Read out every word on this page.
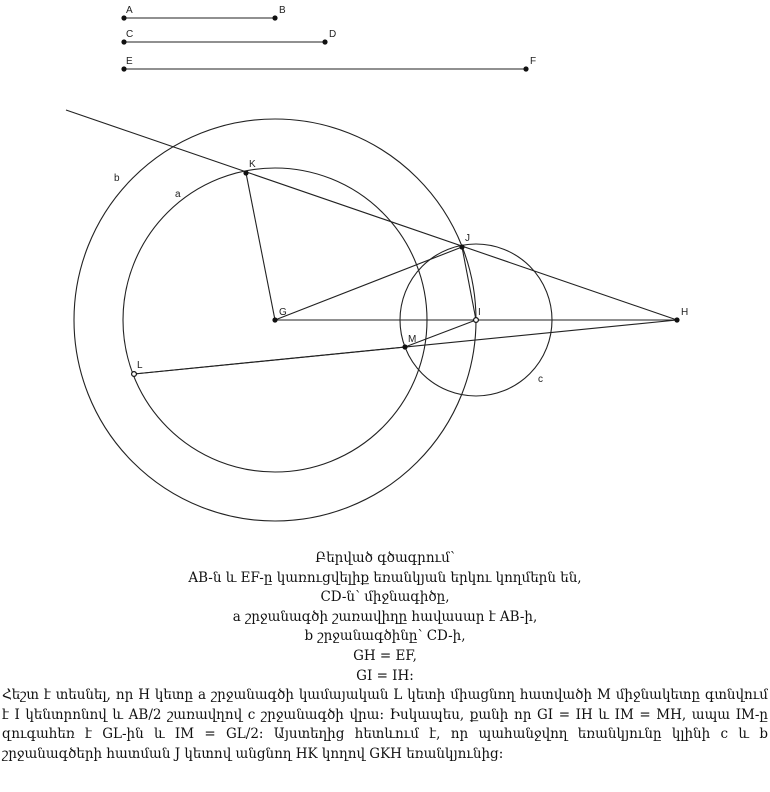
A	B
C	D
E	F
G	H
I
J
K
L
M
b
a
c
Բերված գծագրում՝
AB-ն և EF-ը կառուցվելիք եռանկյան երկու կողմերն են,
CD-ն՝ միջնագիծը,
a շրջանագծի շառավիղը հավասար է AB-ի,
b շրջանագծինը՝ CD-ի,
GH = EF,
GI = IH:
Հեշտ է տեսնել, որ H կետը a շրջանագծի կամայական L կետի միացնող հատվածի M միջնակետը գտնվում է I կենտրոնով և AB/2 շառավղով c շրջանագծի վրա: Իսկապես, քանի որ GI = IH և IM = MH, ապա IM-ը զուգահեռ է GL-ին և IM = GL/2: Այստեղից հետևում է, որ պահանջվող եռանկյունը կլինի c և b շրջանագծերի հատման J կետով անցնող HK կողով GKH եռանկյունից:
